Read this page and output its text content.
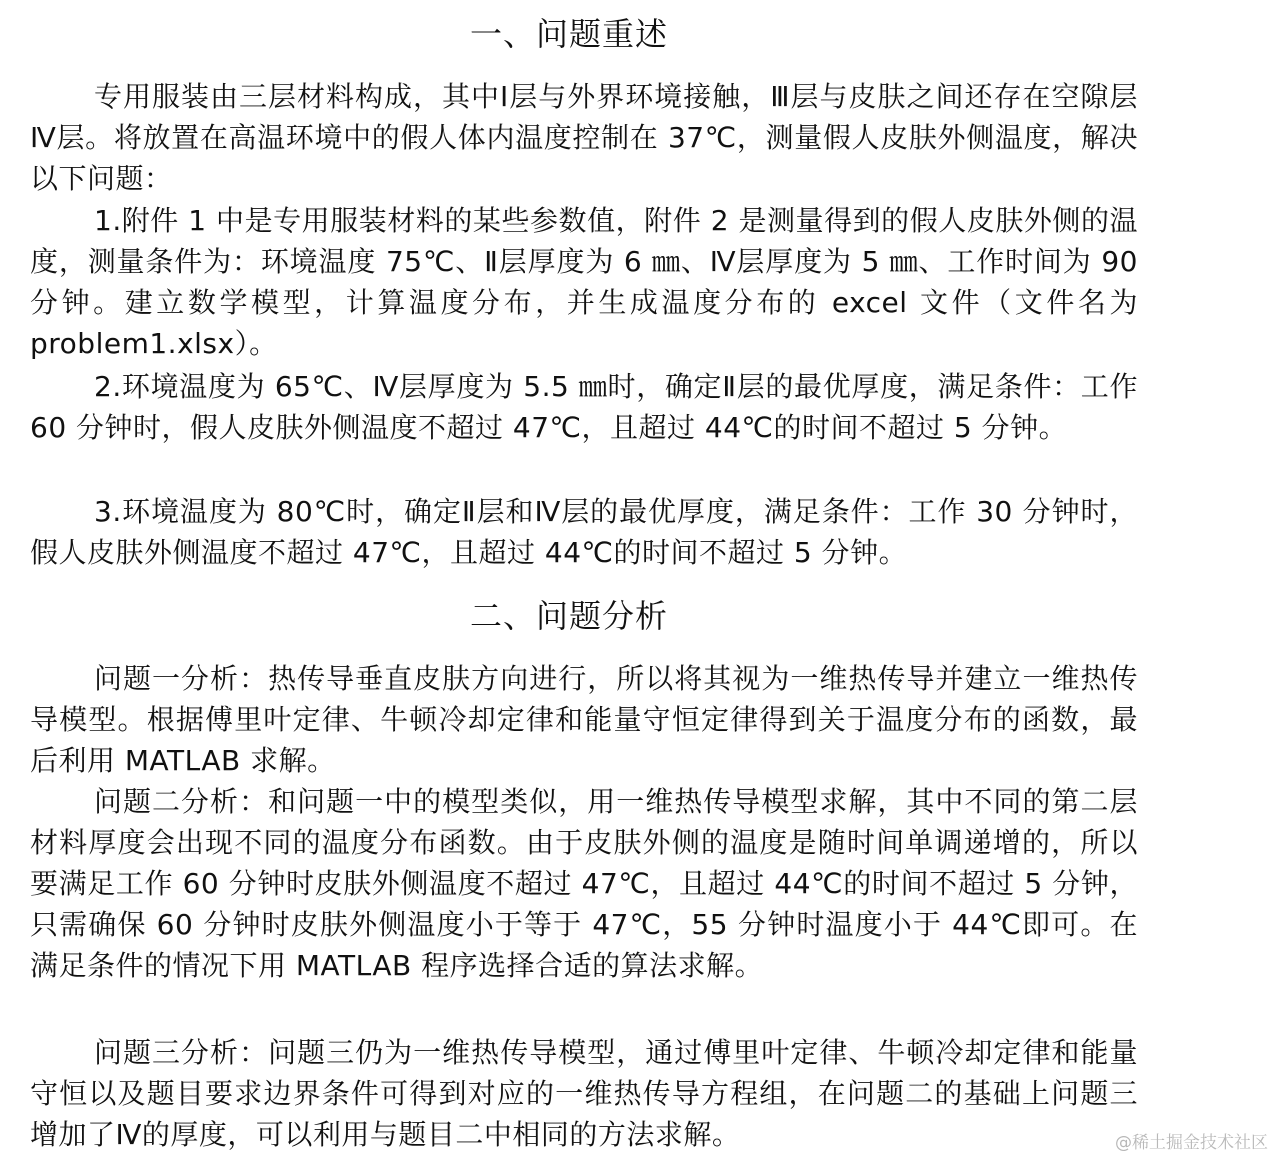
一、问题重述

专用服装由三层材料构成，其中Ⅰ层与外界环境接触，Ⅲ层与皮肤之间还存在空隙层Ⅳ层。将放置在高温环境中的假人体内温度控制在 37℃，测量假人皮肤外侧温度，解决以下问题：

1.附件 1 中是专用服装材料的某些参数值，附件 2 是测量得到的假人皮肤外侧的温度，测量条件为：环境温度 75℃、Ⅱ层厚度为 6 ㎜、Ⅳ层厚度为 5 ㎜、工作时间为 90 分钟。建立数学模型，计算温度分布，并生成温度分布的 excel 文件（文件名为 problem1.xlsx）。

2.环境温度为 65℃、Ⅳ层厚度为 5.5 ㎜时，确定Ⅱ层的最优厚度，满足条件：工作 60 分钟时，假人皮肤外侧温度不超过 47℃，且超过 44℃的时间不超过 5 分钟。

3.环境温度为 80℃时，确定Ⅱ层和Ⅳ层的最优厚度，满足条件：工作 30 分钟时，假人皮肤外侧温度不超过 47℃，且超过 44℃的时间不超过 5 分钟。

二、问题分析

问题一分析：热传导垂直皮肤方向进行，所以将其视为一维热传导并建立一维热传导模型。根据傅里叶定律、牛顿冷却定律和能量守恒定律得到关于温度分布的函数，最后利用 MATLAB 求解。

问题二分析：和问题一中的模型类似，用一维热传导模型求解，其中不同的第二层材料厚度会出现不同的温度分布函数。由于皮肤外侧的温度是随时间单调递增的，所以要满足工作 60 分钟时皮肤外侧温度不超过 47℃，且超过 44℃的时间不超过 5 分钟，只需确保 60 分钟时皮肤外侧温度小于等于 47℃，55 分钟时温度小于 44℃即可。在满足条件的情况下用 MATLAB 程序选择合适的算法求解。

问题三分析：问题三仍为一维热传导模型，通过傅里叶定律、牛顿冷却定律和能量守恒以及题目要求边界条件可得到对应的一维热传导方程组，在问题二的基础上问题三增加了Ⅳ的厚度，可以利用与题目二中相同的方法求解。	@稀土掘金技术社区
